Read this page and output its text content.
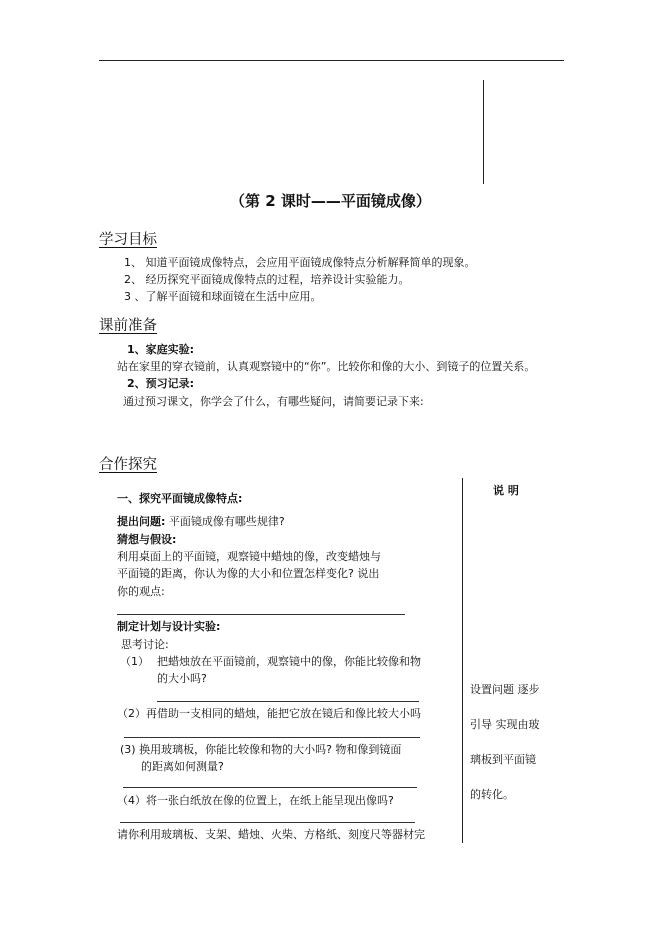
（第 2 课时——平面镜成像）
学习目标
1、 知道平面镜成像特点，会应用平面镜成像特点分析解释简单的现象。
2、 经历探究平面镜成像特点的过程，培养设计实验能力。
3 、了解平面镜和球面镜在生活中应用。
课前准备
1、家庭实验:
站在家里的穿衣镜前，认真观察镜中的“你”。比较你和像的大小、到镜子的位置关系。
2、预习记录:
通过预习课文，你学会了什么，有哪些疑问，请简要记录下来:
合作探究
说 明
设置问题 逐步
引导 实现由玻
璃板到平面镜
的转化。
一、探究平面镜成像特点:
提出问题: 平面镜成像有哪些规律?
猜想与假设:
利用桌面上的平面镜，观察镜中蜡烛的像，改变蜡烛与
平面镜的距离，你认为像的大小和位置怎样变化? 说出
你的观点:
制定计划与设计实验:
思考讨论:
（1） 把蜡烛放在平面镜前，观察镜中的像，你能比较像和物
的大小吗?
（2）再借助一支相同的蜡烛，能把它放在镜后和像比较大小吗
(3) 换用玻璃板，你能比较像和物的大小吗? 物和像到镜面
的距离如何测量?
（4）将一张白纸放在像的位置上，在纸上能呈现出像吗?
请你利用玻璃板、支架、蜡烛、火柴、方格纸、刻度尺等器材完
